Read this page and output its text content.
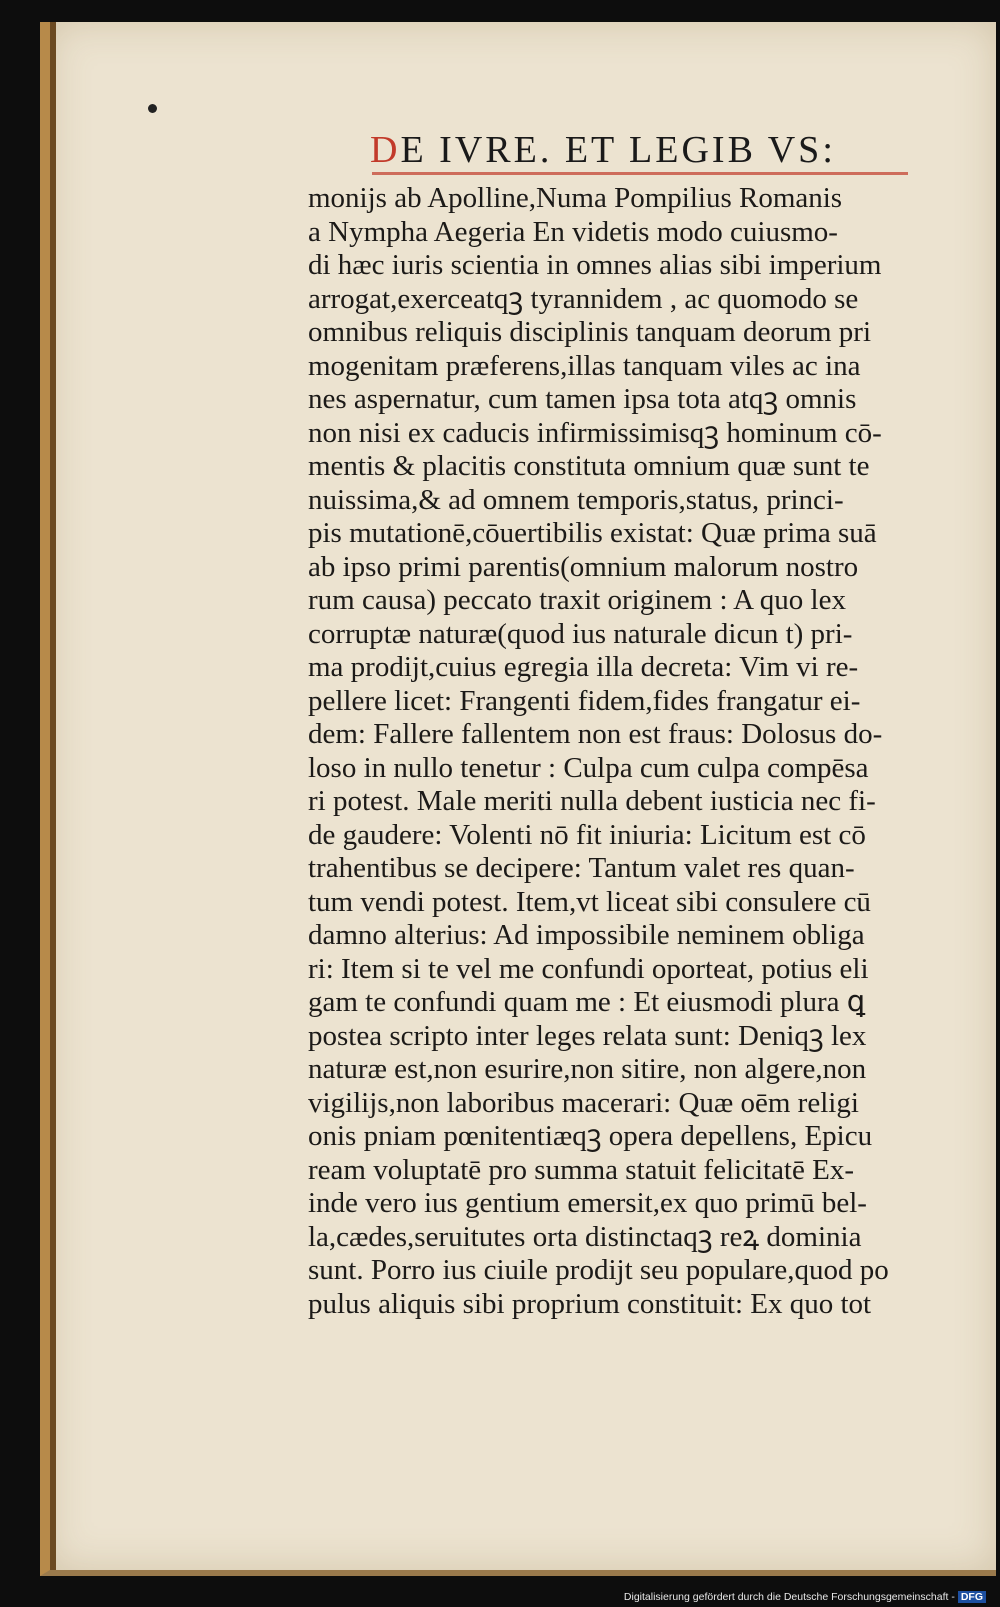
DE IVRE. ET LEGIB VS:
monijs ab Apolline,Numa Pompilius Romanis
a Nympha Aegeria En videtis modo cuiusmo-
di hæc iuris scientia in omnes alias sibi imperium
arrogat,exerceatqꝫ tyrannidem , ac quomodo se
omnibus reliquis disciplinis tanquam deorum pri
mogenitam præferens,illas tanquam viles ac ina
nes aspernatur, cum tamen ipsa tota atqꝫ omnis
non nisi ex caducis infirmissimisqꝫ hominum cō-
mentis & placitis constituta omnium quæ sunt te
nuissima,& ad omnem temporis,status, princi-
pis mutationē,cōuertibilis existat: Quæ prima suā
ab ipso primi parentis(omnium malorum nostro
rum causa) peccato traxit originem : A quo lex
corruptæ naturæ(quod ius naturale dicun t) pri-
ma prodijt,cuius egregia illa decreta: Vim vi re-
pellere licet: Frangenti fidem,fides frangatur ei-
dem: Fallere fallentem non est fraus: Dolosus do-
loso in nullo tenetur : Culpa cum culpa compēsa
ri potest. Male meriti nulla debent iusticia nec fi-
de gaudere: Volenti nō fit iniuria: Licitum est cō
trahentibus se decipere: Tantum valet res quan-
tum vendi potest. Item,vt liceat sibi consulere cū
damno alterius: Ad impossibile neminem obliga
ri: Item si te vel me confundi oporteat, potius eli
gam te confundi quam me : Et eiusmodi plura ꝗ
postea scripto inter leges relata sunt: Deniqꝫ lex
naturæ est,non esurire,non sitire, non algere,non
vigilijs,non laboribus macerari: Quæ oēm religi
onis pniam pœnitentiæqꝫ opera depellens, Epicu
ream voluptatē pro summa statuit felicitatē Ex-
inde vero ius gentium emersit,ex quo primū bel-
la,cædes,seruitutes orta distinctaqꝫ reꝝ dominia
sunt. Porro ius ciuile prodijt seu populare,quod po
pulus aliquis sibi proprium constituit: Ex quo tot
Digitalisierung gefördert durch die Deutsche Forschungsgemeinschaft - DFG
